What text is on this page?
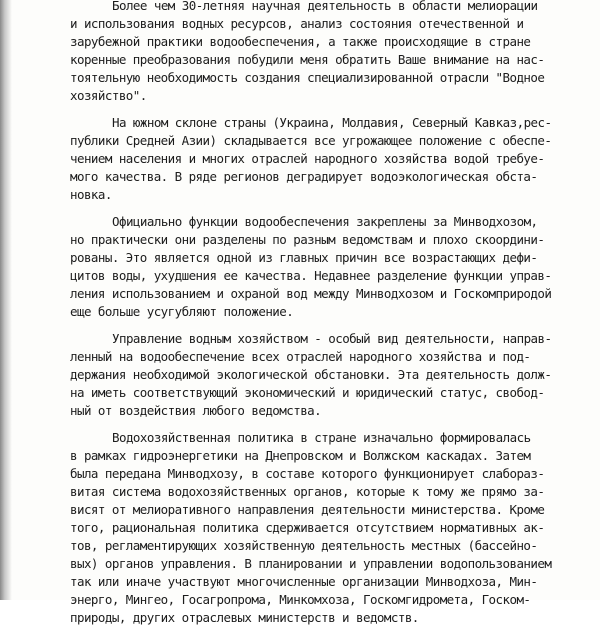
Более чем 30-летняя научная деятельность в области мелиорации
и использования водных ресурсов, анализ состояния отечественной и
зарубежной практики водообеспечения, а также происходящие в стране
коренные преобразования побудили меня обратить Ваше внимание на нас-
тоятельную необходимость создания специализированной отрасли "Водное
хозяйство".
На южном склоне страны (Украина, Молдавия, Северный Кавказ,рес-
публики Средней Азии) складывается все угрожающее положение с обеспе-
чением населения и многих отраслей народного хозяйства водой требуе-
мого качества. В ряде регионов деградирует водоэкологическая обста-
новка.
Официально функции водообеспечения закреплены за Минводхозом,
но практически они разделены по разным ведомствам и плохо скоордини-
рованы. Это является одной из главных причин все возрастающих дефи-
цитов воды, ухудшения ее качества. Недавнее разделение функции управ-
ления использованием и охраной вод между Минводхозом и Госкомприродой
еще больше усугубляют положение.
Управление водным хозяйством - особый вид деятельности, направ-
ленный на водообеспечение всех отраслей народного хозяйства и под-
держания необходимой экологической обстановки. Эта деятельность долж-
на иметь соответствующий экономический и юридический статус, свобод-
ный от воздействия любого ведомства.
Водохозяйственная политика в стране изначально формировалась
в рамках гидроэнергетики на Днепровском и Волжском каскадах. Затем
была передана Минводхозу, в составе которого функционирует слабораз-
витая система водохозяйственных органов, которые к тому же прямо за-
висят от мелиоративного направления деятельности министерства. Кроме
того, рациональная политика сдерживается отсутствием нормативных ак-
тов, регламентирующих хозяйственную деятельность местных (бассейно-
вых) органов управления. В планировании и управлении водопользованием
так или иначе участвуют многочисленные организации Минводхоза, Мин-
энерго, Мингео, Госагропрома, Минкомхоза, Госкомгидромета, Госком-
природы, других отраслевых министерств и ведомств.
